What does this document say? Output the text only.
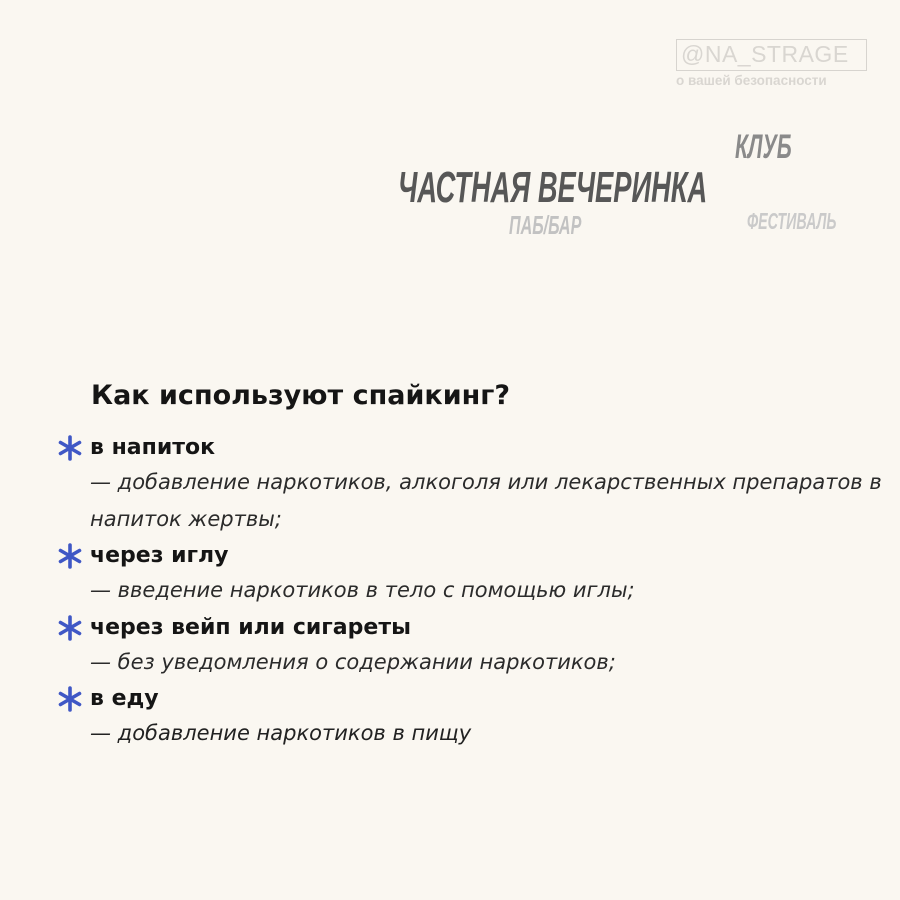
@NA_STRAGE
о вашей безопасности
КЛУБ
ЧАСТНАЯ ВЕЧЕРИНКА
ПАБ/БАР	ФЕСТИВАЛЬ
Как используют спайкинг?
в напиток
— добавление наркотиков, алкоголя или лекарственных препаратов в напиток жертвы;
через иглу
— введение наркотиков в тело с помощью иглы;
через вейп или сигареты
— без уведомления о содержании наркотиков;
в еду
— добавление наркотиков в пищу
